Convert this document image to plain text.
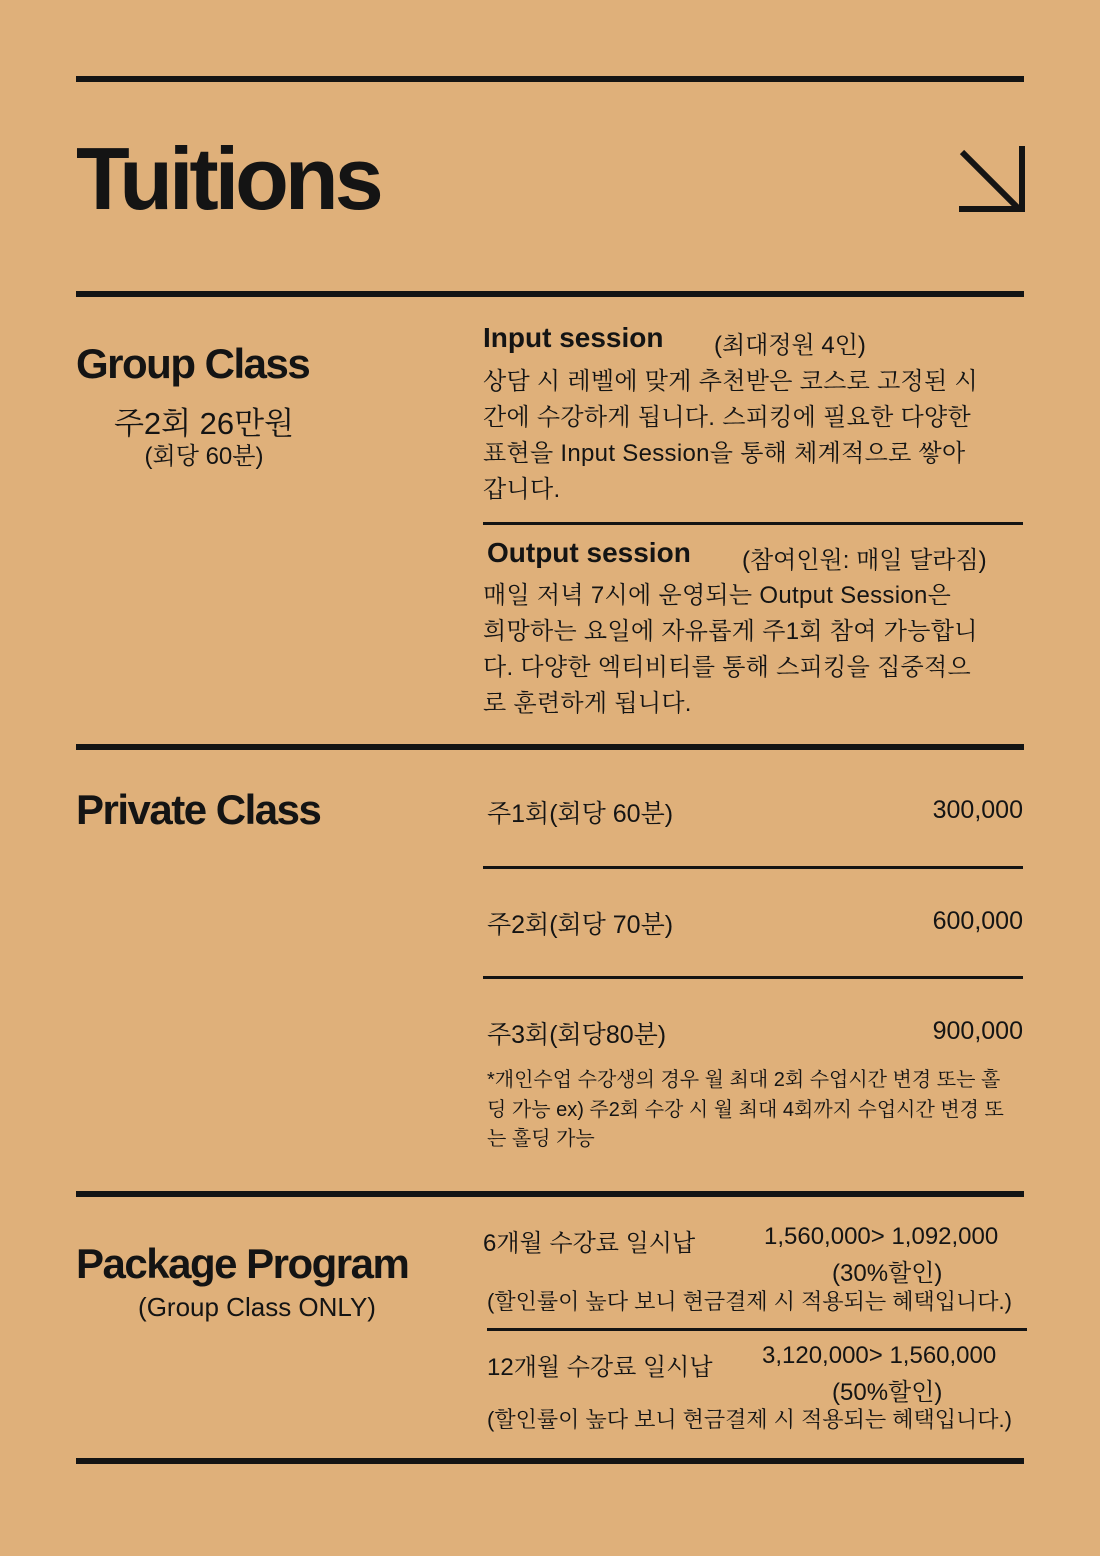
Tuitions
Group Class
주2회 26만원
(회당 60분)
Input session (최대정원 4인)
상담 시 레벨에 맞게 추천받은 코스로 고정된 시
간에 수강하게 됩니다. 스피킹에 필요한 다양한
표현을 Input Session을 통해 체계적으로 쌓아
갑니다.
Output session (참여인원: 매일 달라짐)
매일 저녁 7시에 운영되는 Output Session은
희망하는 요일에 자유롭게 주1회 참여 가능합니
다. 다양한 엑티비티를 통해 스피킹을 집중적으
로 훈련하게 됩니다.
Private Class	주1회(회당 60분)	300,000
주2회(회당 70분)	600,000
주3회(회당80분)	900,000
*개인수업 수강생의 경우 월 최대 2회 수업시간 변경 또는 홀
딩 가능 ex) 주2회 수강 시 월 최대 4회까지 수업시간 변경 또
는 홀딩 가능
Package Program
(Group Class ONLY)
6개월 수강료 일시납	1,560,000> 1,092,000
(30%할인)
(할인률이 높다 보니 현금결제 시 적용되는 혜택입니다.)
12개월 수강료 일시납 3,120,000> 1,560,000
(50%할인)
(할인률이 높다 보니 현금결제 시 적용되는 혜택입니다.)
